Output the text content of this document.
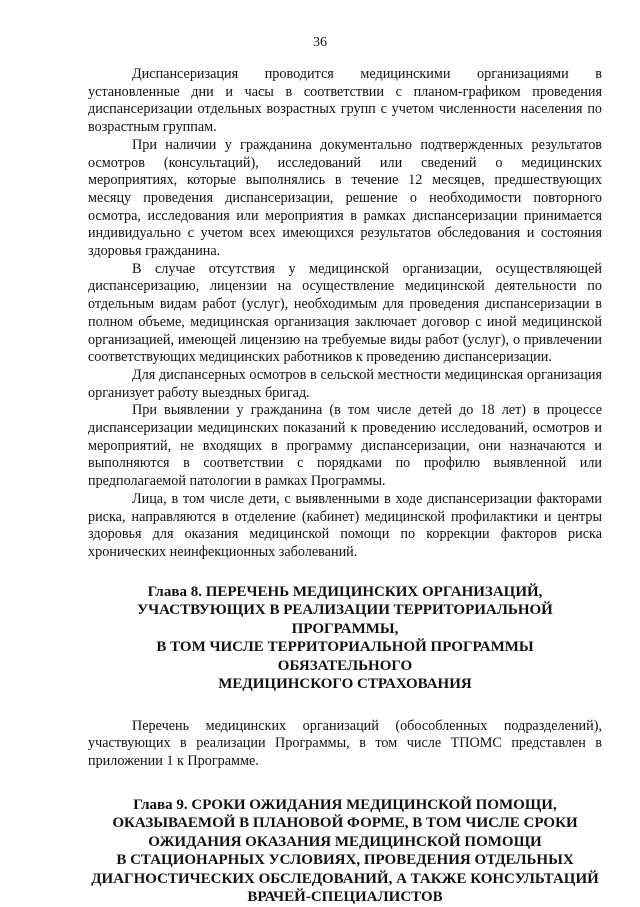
36

Диспансеризация проводится медицинскими организациями в установленные дни и часы в соответствии с планом-графиком проведения диспансеризации отдельных возрастных групп с учетом численности населения по возрастным группам.

При наличии у гражданина документально подтвержденных результатов осмотров (консультаций), исследований или сведений о медицинских мероприятиях, которые выполнялись в течение 12 месяцев, предшествующих месяцу проведения диспансеризации, решение о необходимости повторного осмотра, исследования или мероприятия в рамках диспансеризации принимается индивидуально с учетом всех имеющихся результатов обследования и состояния здоровья гражданина.

В случае отсутствия у медицинской организации, осуществляющей диспансеризацию, лицензии на осуществление медицинской деятельности по отдельным видам работ (услуг), необходимым для проведения диспансеризации в полном объеме, медицинская организация заключает договор с иной медицинской организацией, имеющей лицензию на требуемые виды работ (услуг), о привлечении соответствующих медицинских работников к проведению диспансеризации.

Для диспансерных осмотров в сельской местности медицинская организация организует работу выездных бригад.

При выявлении у гражданина (в том числе детей до 18 лет) в процессе диспансеризации медицинских показаний к проведению исследований, осмотров и мероприятий, не входящих в программу диспансеризации, они назначаются и выполняются в соответствии с порядками по профилю выявленной или предполагаемой патологии в рамках Программы.

Лица, в том числе дети, с выявленными в ходе диспансеризации факторами риска, направляются в отделение (кабинет) медицинской профилактики и центры здоровья для оказания медицинской помощи по коррекции факторов риска хронических неинфекционных заболеваний.

Глава 8. ПЕРЕЧЕНЬ МЕДИЦИНСКИХ ОРГАНИЗАЦИЙ,
УЧАСТВУЮЩИХ В РЕАЛИЗАЦИИ ТЕРРИТОРИАЛЬНОЙ ПРОГРАММЫ,
В ТОМ ЧИСЛЕ ТЕРРИТОРИАЛЬНОЙ ПРОГРАММЫ ОБЯЗАТЕЛЬНОГО
МЕДИЦИНСКОГО СТРАХОВАНИЯ

Перечень медицинских организаций (обособленных подразделений), участвующих в реализации Программы, в том числе ТПОМС представлен в приложении 1 к Программе.

Глава 9. СРОКИ ОЖИДАНИЯ МЕДИЦИНСКОЙ ПОМОЩИ,
ОКАЗЫВАЕМОЙ В ПЛАНОВОЙ ФОРМЕ, В ТОМ ЧИСЛЕ СРОКИ
ОЖИДАНИЯ ОКАЗАНИЯ МЕДИЦИНСКОЙ ПОМОЩИ
В СТАЦИОНАРНЫХ УСЛОВИЯХ, ПРОВЕДЕНИЯ ОТДЕЛЬНЫХ
ДИАГНОСТИЧЕСКИХ ОБСЛЕДОВАНИЙ, А ТАКЖЕ КОНСУЛЬТАЦИЙ
ВРАЧЕЙ-СПЕЦИАЛИСТОВ
